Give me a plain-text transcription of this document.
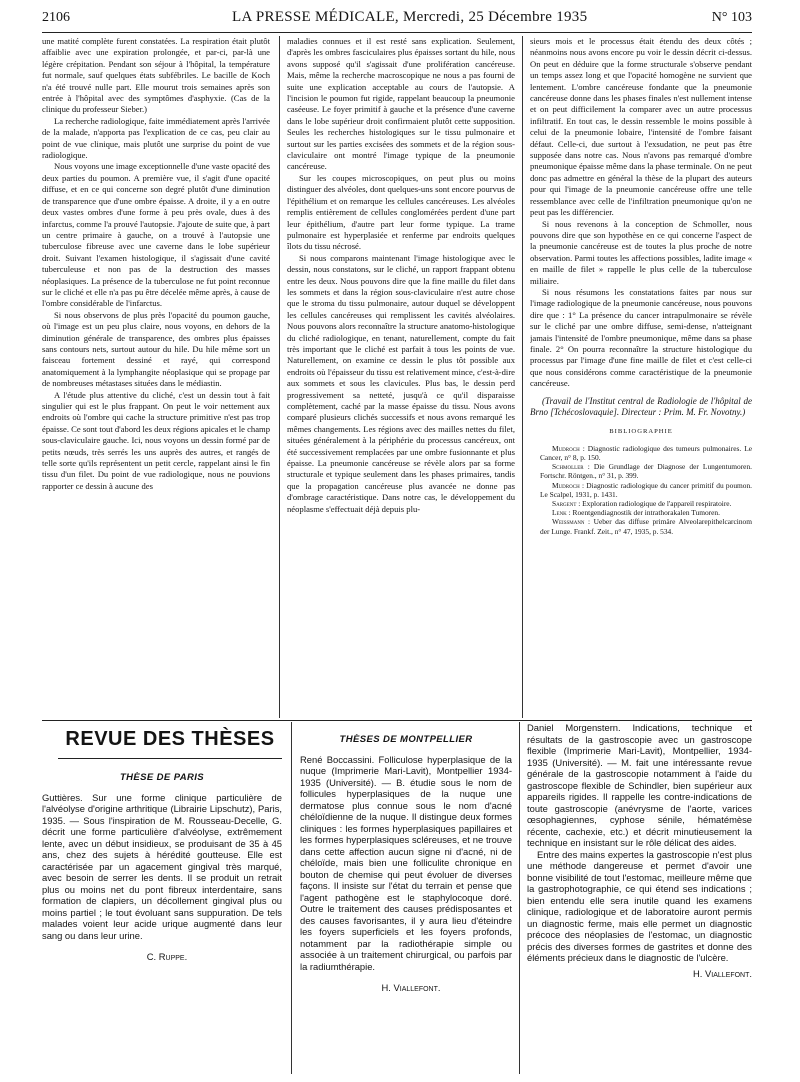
2106	LA PRESSE MÉDICALE, Mercredi, 25 Décembre 1935	N° 103

une matité complète furent constatées. La respiration était plutôt affaiblie avec une expiration prolongée, et par-ci, par-là une légère crépitation. Pendant son séjour à l'hôpital, la température fut normale, sauf quelques états subfébriles. Le bacille de Koch n'a été trouvé nulle part. Elle mourut trois semaines après son entrée à l'hôpital avec des symptômes d'asphyxie. (Cas de la clinique du professeur Sieber.)

La recherche radiologique, faite immédiatement après l'arrivée de la malade, n'apporta pas l'explication de ce cas, peu clair au point de vue clinique, mais plutôt une surprise du point de vue radiologique.

Nous voyons une image exceptionnelle d'une vaste opacité des deux parties du poumon. A première vue, il s'agit d'une opacité diffuse, et en ce qui concerne son degré plutôt d'une diminution de transparence que d'une ombre épaisse. A droite, il y a en outre deux vastes ombres d'une forme à peu près ovale, dues à des infarctus, comme l'a prouvé l'autopsie. J'ajoute de suite que, à part un centre primaire à gauche, on a trouvé à l'autopsie une tuberculose fibreuse avec une caverne dans le lobe supérieur droit. Suivant l'examen histologique, il s'agissait d'une cavité tuberculeuse et non pas de la destruction des masses néoplasiques. La présence de la tuberculose ne fut point reconnue sur le cliché et elle n'a pas pu être décelée même après, à cause de l'ombre considérable de l'infarctus.

Si nous observons de plus près l'opacité du poumon gauche, où l'image est un peu plus claire, nous voyons, en dehors de la diminution générale de transparence, des ombres plus épaisses sans contours nets, surtout autour du hile. Du hile même sort un faisceau fortement dessiné et rayé, qui correspond anatomiquement à la lymphangite néoplasique qui se propage par de nombreuses métastases situées dans le médiastin.

A l'étude plus attentive du cliché, c'est un dessin tout à fait singulier qui est le plus frappant. On peut le voir nettement aux endroits où l'ombre qui cache la structure primitive n'est pas trop épaisse. Ce sont tout d'abord les deux régions apicales et le champ sous-claviculaire gauche. Ici, nous voyons un dessin formé par de petits nœuds, très serrés les uns auprès des autres, et rangés de telle sorte qu'ils représentent un petit cercle, rappelant ainsi le fin tissu d'un filet. Du point de vue radiologique, nous ne pouvions rapporter ce dessin à aucune des

maladies connues et il est resté sans explication. Seulement, d'après les ombres fasciculaires plus épaisses sortant du hile, nous avons supposé qu'il s'agissait d'une prolifération cancéreuse. Mais, même la recherche macroscopique ne nous a pas fourni de suite une explication acceptable au cours de l'autopsie. A l'incision le poumon fut rigide, rappelant beaucoup la pneumonie caséeuse. Le foyer primitif à gauche et la présence d'une caverne dans le lobe supérieur droit confirmaient plutôt cette supposition. Seules les recherches histologiques sur le tissu pulmonaire et surtout sur les parties excisées des sommets et de la région sous-claviculaire ont montré l'image typique de la pneumonie cancéreuse.

Sur les coupes microscopiques, on peut plus ou moins distinguer des alvéoles, dont quelques-uns sont encore pourvus de l'épithélium et on remarque les cellules cancéreuses. Les alvéoles remplis entièrement de cellules conglomérées perdent d'une part leur épithélium, d'autre part leur forme typique. La trame pulmonaire est hyperplasiée et renferme par endroits quelques îlots du tissu nécrosé.

Si nous comparons maintenant l'image histologique avec le dessin, nous constatons, sur le cliché, un rapport frappant obtenu entre les deux. Nous pouvons dire que la fine maille du filet dans les sommets et dans la région sous-claviculaire n'est autre chose que le stroma du tissu pulmonaire, autour duquel se développent les cellules cancéreuses qui remplissent les cavités alvéolaires. Nous pouvons alors reconnaître la structure anatomo-histologique du cliché radiologique, en tenant, naturellement, compte du fait très important que le cliché est parfait à tous les points de vue. Naturellement, on examine ce dessin le plus tôt possible aux endroits où l'épaisseur du tissu est relativement mince, c'est-à-dire aux sommets et sous les clavicules. Plus bas, le dessin perd progressivement sa netteté, jusqu'à ce qu'il disparaisse complètement, caché par la masse épaisse du tissu. Nous avons comparé plusieurs clichés successifs et nous avons remarqué les mêmes changements. Les régions avec des mailles nettes du filet, situées généralement à la périphérie du processus cancéreux, ont été successivement remplacées par une ombre fusionnante et plus épaisse. La pneumonie cancéreuse se révèle alors par sa forme structurale et typique seulement dans les phases primaires, tandis que la propagation cancéreuse plus avancée ne donne pas d'ombrage caractéristique. Dans notre cas, le développement du néoplasme s'effectuait déjà depuis plu-

sieurs mois et le processus était étendu des deux côtés ; néanmoins nous avons encore pu voir le dessin décrit ci-dessus. On peut en déduire que la forme structurale s'observe pendant un temps assez long et que l'opacité homogène ne survient que lentement. L'ombre cancéreuse fondante que la pneumonie cancéreuse donne dans les phases finales n'est nullement intense et on peut difficilement la comparer avec un autre processus infiltratif. En tout cas, le dessin ressemble le moins possible à celui de la pneumonie lobaire, l'intensité de l'ombre faisant défaut. Celle-ci, due surtout à l'exsudation, ne peut pas être supposée dans notre cas. Nous n'avons pas remarqué d'ombre pneumonique épaisse même dans la phase terminale. On ne peut donc pas admettre en général la thèse de la plupart des auteurs pour qui l'image de la pneumonie cancéreuse offre une telle ressemblance avec celle de l'infiltration pneumonique qu'on ne peut pas les différencier.

Si nous revenons à la conception de Schmoller, nous pouvons dire que son hypothèse en ce qui concerne l'aspect de la pneumonie cancéreuse est de toutes la plus proche de notre observation. Parmi toutes les affections possibles, ladite image « en maille de filet » rappelle le plus celle de la tuberculose miliaire.

Si nous résumons les constatations faites par nous sur l'image radiologique de la pneumonie cancéreuse, nous pouvons dire que : 1° La présence du cancer intrapulmonaire se révèle sur le cliché par une ombre diffuse, semi-dense, n'atteignant jamais l'intensité de l'ombre pneumonique, même dans sa phase finale. 2° On pourra reconnaître la structure histologique du processus par l'image d'une fine maille de filet et c'est celle-ci que nous considérons comme caractéristique de la pneumonie cancéreuse.

(Travail de l'Institut central de Radiologie de l'hôpital de Brno [Tchécoslovaquie]. Directeur : Prim. M. Fr. Novotny.)

BIBLIOGRAPHIE

Mudroch : Diagnostic radiologique des tumeurs pulmonaires. Le Cancer, n° 8, p. 150.

Schmoller : Die Grundlage der Diagnose der Lungentumoren. Fortschr. Röntgen., n° 31, p. 399.

Mudroch : Diagnostic radiologique du cancer primitif du poumon. Le Scalpel, 1931, p. 1431.

Sargent : Exploration radiologique de l'appareil respiratoire.

Lenk : Roentgendiagnostik der intrathorakalen Tumoren.

Weissmann : Ueber das diffuse primäre Alveolarepithelcarcinom der Lunge. Frankf. Zeit., n° 47, 1935, p. 534.

REVUE DES THÈSES
THÈSE DE PARIS

Guttières. Sur une forme clinique particulière de l'alvéolyse d'origine arthritique (Librairie Lipschutz), Paris, 1935. — Sous l'inspiration de M. Rousseau-Decelle, G. décrit une forme particulière d'alvéolyse, extrêmement lente, avec un début insidieux, se produisant de 35 à 45 ans, chez des sujets à hérédité goutteuse. Elle est caractérisée par un agacement gingival très marqué, avec besoin de serrer les dents. Il se produit un retrait plus ou moins net du pont fibreux interdentaire, sans formation de clapiers, un décollement gingival plus ou moins partiel ; le tout évoluant sans suppuration. De tels malades voient leur acide urique augmenté dans leur sang ou dans leur urine.

C. Ruppe.

THÈSES DE MONTPELLIER

René Boccassini. Folliculose hyperplasique de la nuque (Imprimerie Mari-Lavit), Montpellier 1934-1935 (Université). — B. étudie sous le nom de follicules hyperplasiques de la nuque une dermatose plus connue sous le nom d'acné chéloïdienne de la nuque. Il distingue deux formes cliniques : les formes hyperplasiques papillaires et les formes hyperplasiques scléreuses, et ne trouve dans cette affection aucun signe ni d'acné, ni de chéloïde, mais bien une folliculite chronique en bouton de chemise qui peut évoluer de diverses façons. Il insiste sur l'état du terrain et pense que l'agent pathogène est le staphylocoque doré. Outre le traitement des causes prédisposantes et des causes favorisantes, il y aura lieu d'éteindre les foyers superficiels et les foyers profonds, notamment par la radiothérapie simple ou associée à un traitement chirurgical, ou parfois par la radiumthérapie.

H. Viallefont.

Daniel Morgenstern. Indications, technique et résultats de la gastroscopie avec un gastroscope flexible (Imprimerie Mari-Lavit), Montpellier, 1934-1935 (Université). — M. fait une intéressante revue générale de la gastroscopie notamment à l'aide du gastroscope flexible de Schindler, bien supérieur aux appareils rigides. Il rappelle les contre-indications de toute gastroscopie (anévrysme de l'aorte, varices œsophagiennes, cyphose sénile, hématémèse récente, cachexie, etc.) et décrit minutieusement la technique en insistant sur le rôle délicat des aides.

Entre des mains expertes la gastroscopie n'est plus une méthode dangereuse et permet d'avoir une bonne visibilité de tout l'estomac, meilleure même que la gastrophotographie, ce qui étend ses indications ; bien entendu elle sera inutile quand les examens clinique, radiologique et de laboratoire auront permis un diagnostic ferme, mais elle permet un diagnostic précoce des néoplasies de l'estomac, un diagnostic précis des diverses formes de gastrites et donne des éléments précieux dans le diagnostic de l'ulcère.

H. Viallefont.
